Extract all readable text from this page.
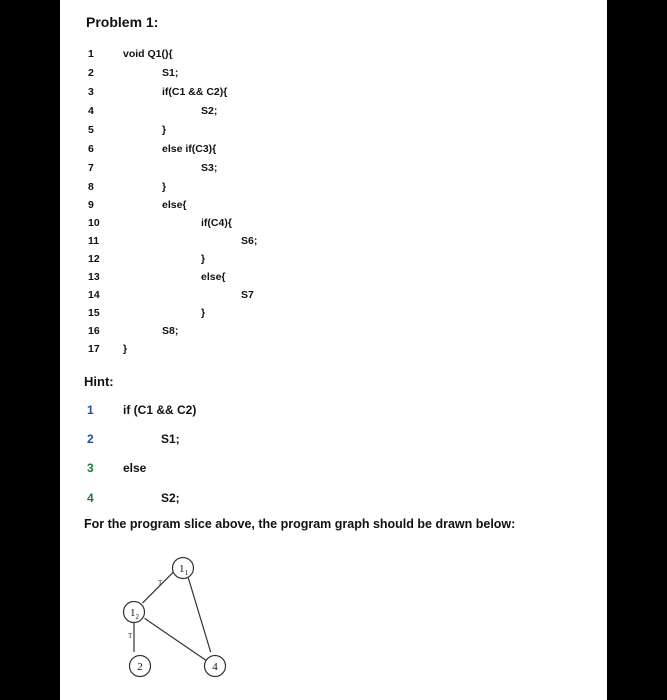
Problem 1:
1	void Q1(){
2	S1;
3	if(C1 && C2){
4	S2;
5	}
6	else if(C3){
7	S3;
8	}
9	else{
10	if(C4){
11	S6;
12	}
13	else{
14	S7
15	}
16	S8;
17 }
Hint:
1 if (C1 && C2)
2	S1;
3 else
4	S2;
For the program slice above, the program graph should be drawn below:
T
T
$1_1$
$1_2$
2	4
